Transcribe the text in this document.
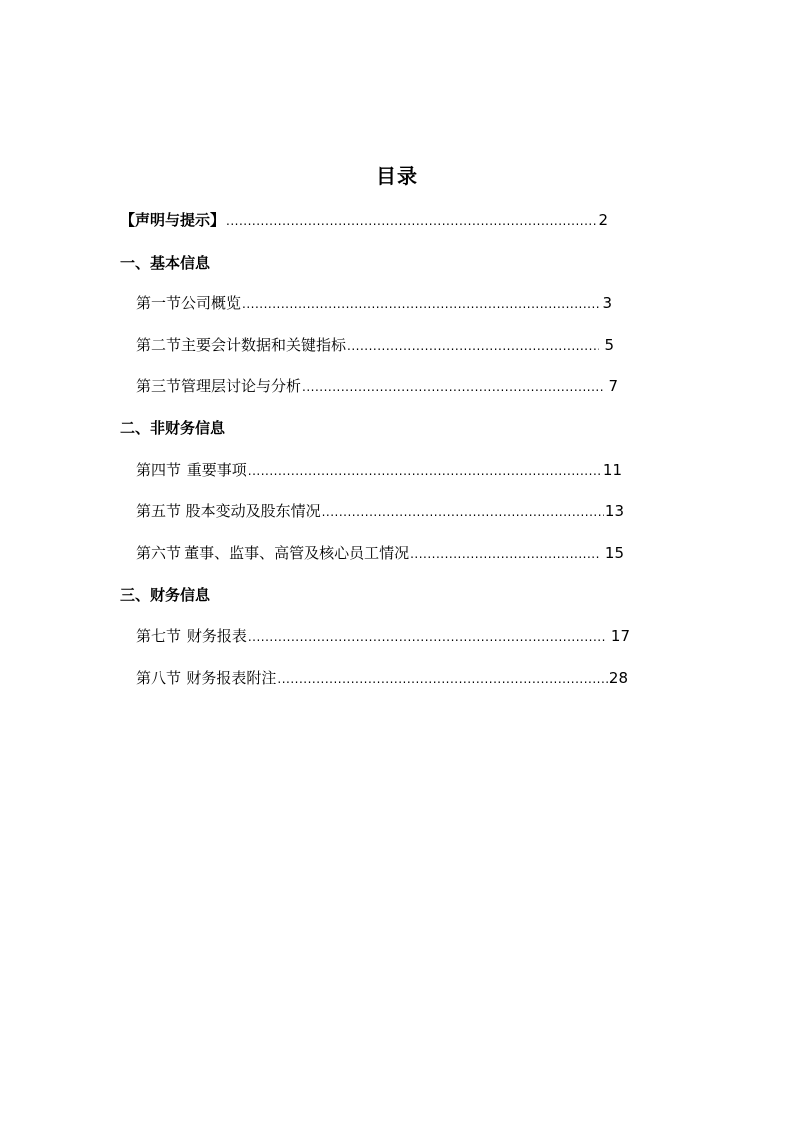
目录
【声明与提示】 .....	2
一、基本信息
第一节公司概览 .....	3
第二节主要会计数据和关键指标 .....	5
第三节管理层讨论与分析 .....	7
二、非财务信息
第四节 重要事项 .....	11
第五节 股本变动及股东情况 .....	13
第六节 董事、监事、高管及核心员工情况 .....	15
三、财务信息
第七节 财务报表 .....	17
第八节 财务报表附注 .....	28
